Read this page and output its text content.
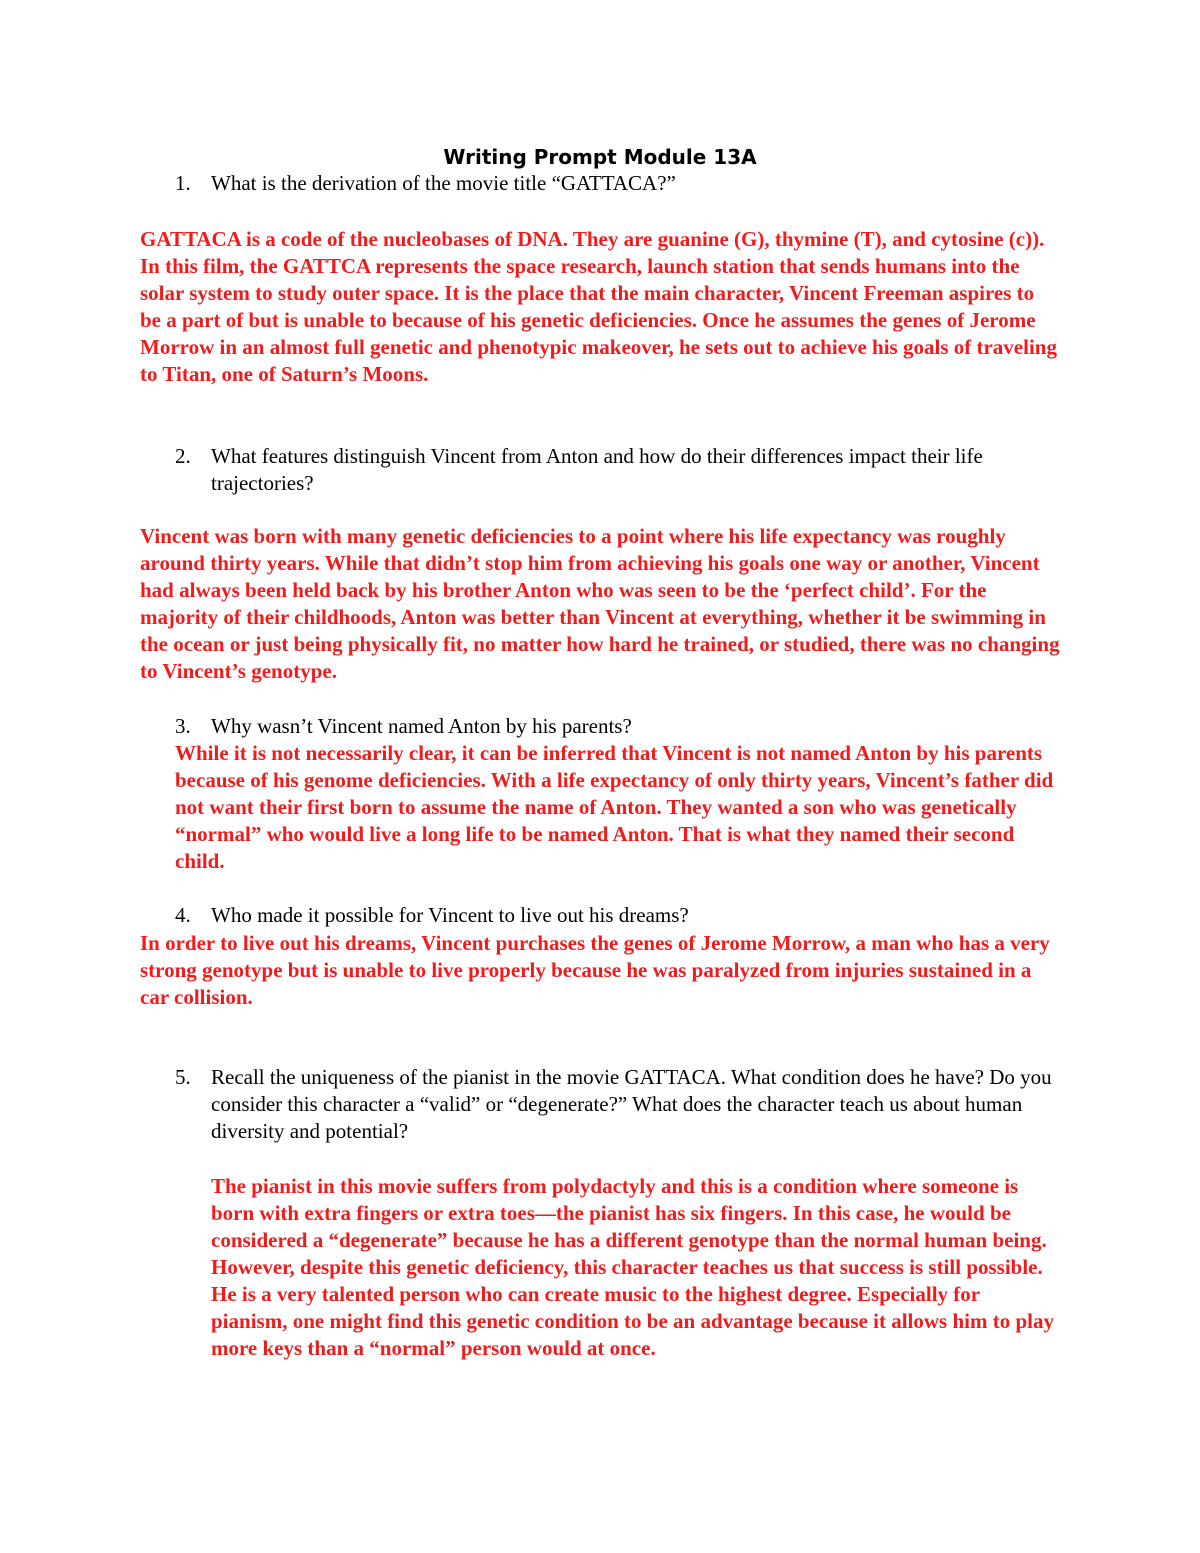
Writing Prompt Module 13A
1. What is the derivation of the movie title “GATTACA?”

GATTACA is a code of the nucleobases of DNA. They are guanine (G), thymine (T), and cytosine (c)). In this film, the GATTCA represents the space research, launch station that sends humans into the solar system to study outer space. It is the place that the main character, Vincent Freeman aspires to be a part of but is unable to because of his genetic deficiencies. Once he assumes the genes of Jerome Morrow in an almost full genetic and phenotypic makeover, he sets out to achieve his goals of traveling to Titan, one of Saturn’s Moons.

2. What features distinguish Vincent from Anton and how do their differences impact their life trajectories?

Vincent was born with many genetic deficiencies to a point where his life expectancy was roughly around thirty years. While that didn’t stop him from achieving his goals one way or another, Vincent had always been held back by his brother Anton who was seen to be the ‘perfect child’. For the majority of their childhoods, Anton was better than Vincent at everything, whether it be swimming in the ocean or just being physically fit, no matter how hard he trained, or studied, there was no changing to Vincent’s genotype.

3. Why wasn’t Vincent named Anton by his parents?

While it is not necessarily clear, it can be inferred that Vincent is not named Anton by his parents because of his genome deficiencies. With a life expectancy of only thirty years, Vincent’s father did not want their first born to assume the name of Anton. They wanted a son who was genetically “normal” who would live a long life to be named Anton. That is what they named their second child.

4. Who made it possible for Vincent to live out his dreams?

In order to live out his dreams, Vincent purchases the genes of Jerome Morrow, a man who has a very strong genotype but is unable to live properly because he was paralyzed from injuries sustained in a car collision.

5. Recall the uniqueness of the pianist in the movie GATTACA. What condition does he have? Do you consider this character a “valid” or “degenerate?” What does the character teach us about human diversity and potential?

The pianist in this movie suffers from polydactyly and this is a condition where someone is born with extra fingers or extra toes—the pianist has six fingers. In this case, he would be considered a “degenerate” because he has a different genotype than the normal human being. However, despite this genetic deficiency, this character teaches us that success is still possible. He is a very talented person who can create music to the highest degree. Especially for pianism, one might find this genetic condition to be an advantage because it allows him to play more keys than a “normal” person would at once.
